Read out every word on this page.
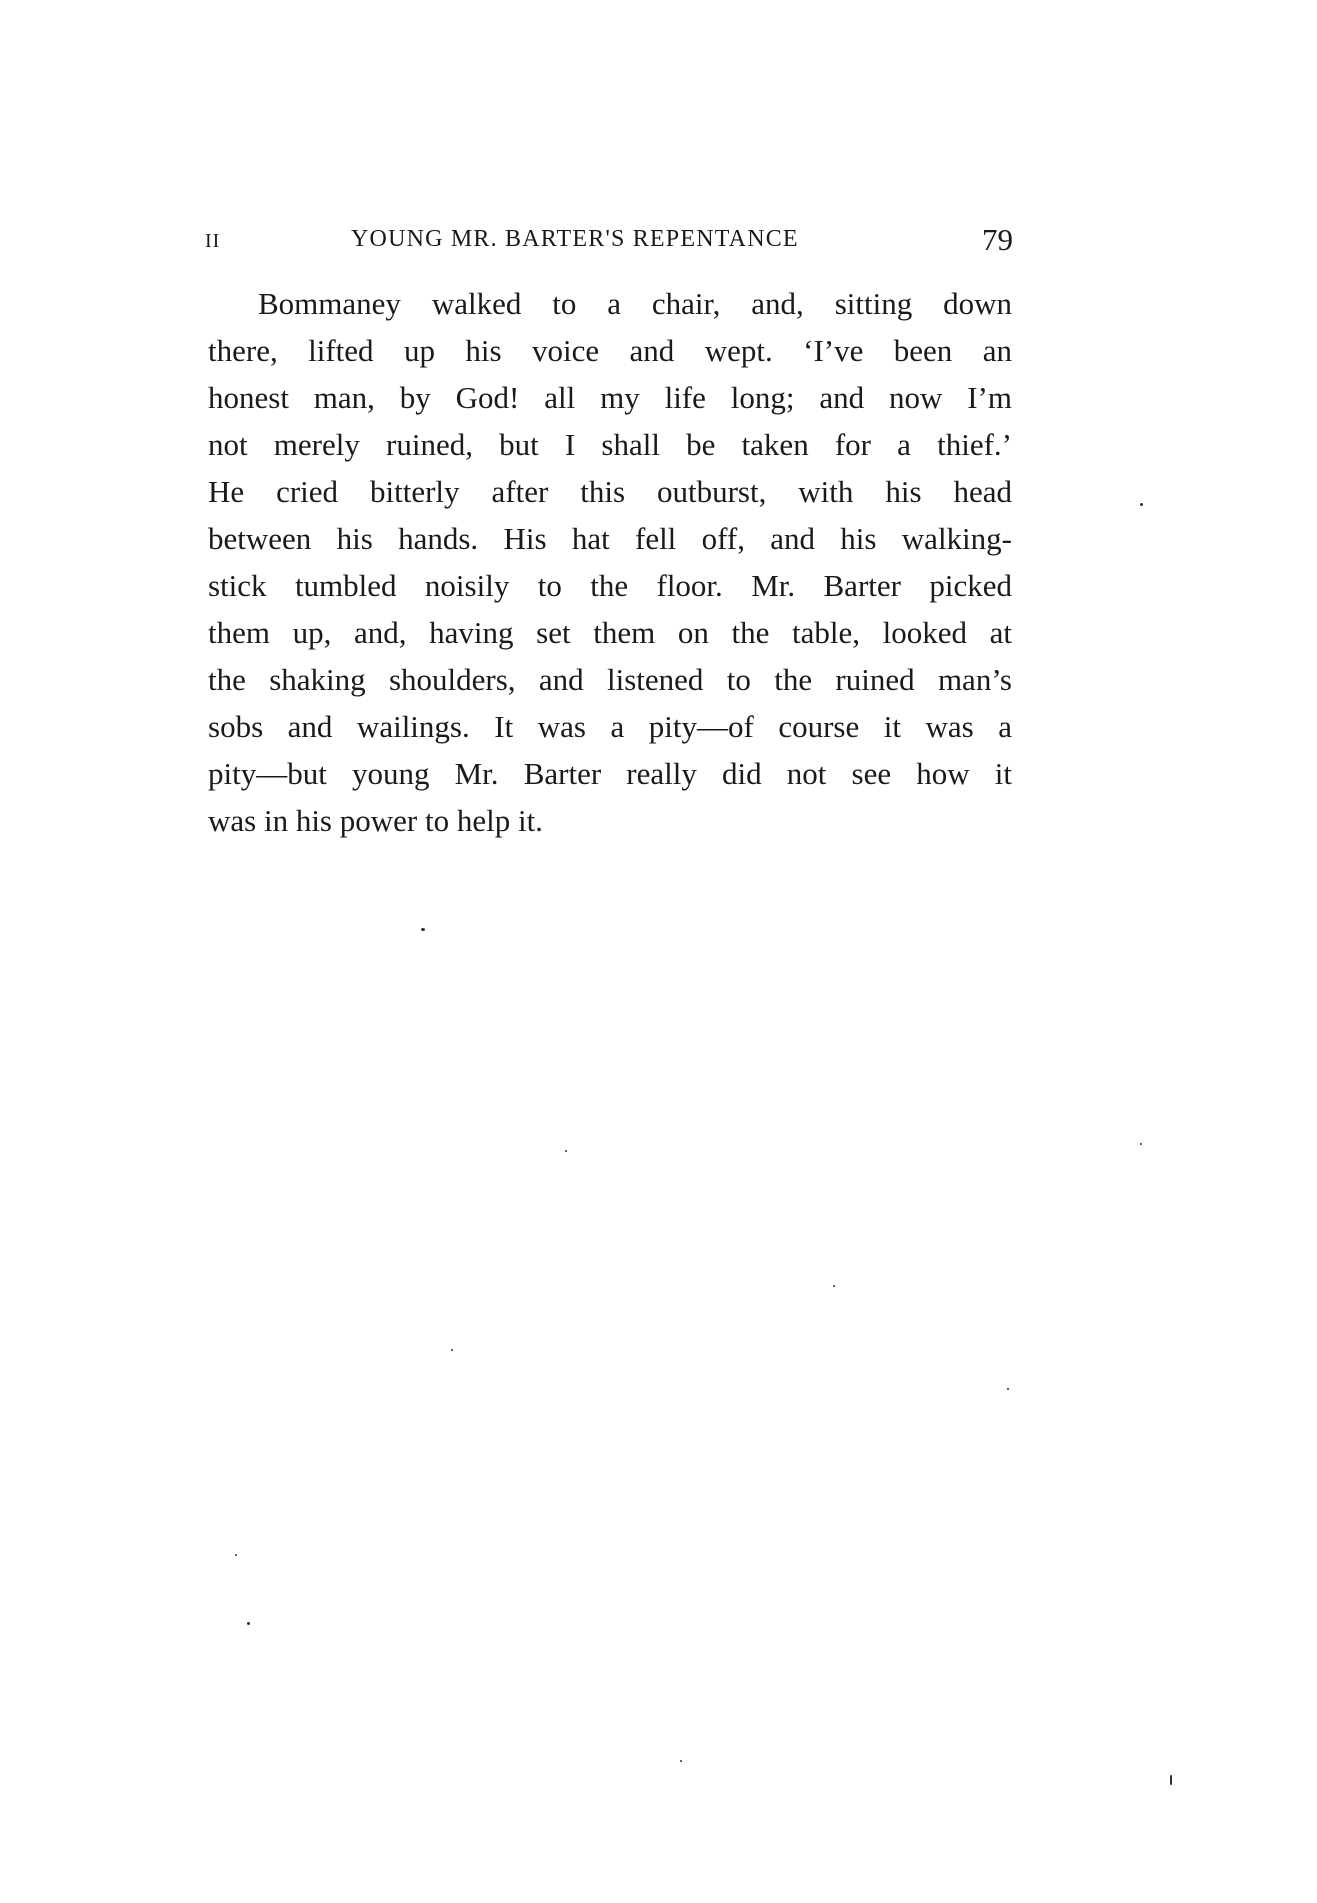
II	YOUNG MR. BARTER'S REPENTANCE	79
Bommaney walked to a chair, and, sitting down
there, lifted up his voice and wept. ‘I’ve been an
honest man, by God! all my life long; and now I’m
not merely ruined, but I shall be taken for a thief.’
He cried bitterly after this outburst, with his head
between his hands. His hat fell off, and his walking-
stick tumbled noisily to the floor. Mr. Barter picked
them up, and, having set them on the table, looked at
the shaking shoulders, and listened to the ruined man’s
sobs and wailings. It was a pity—of course it was a
pity—but young Mr. Barter really did not see how it
was in his power to help it.
